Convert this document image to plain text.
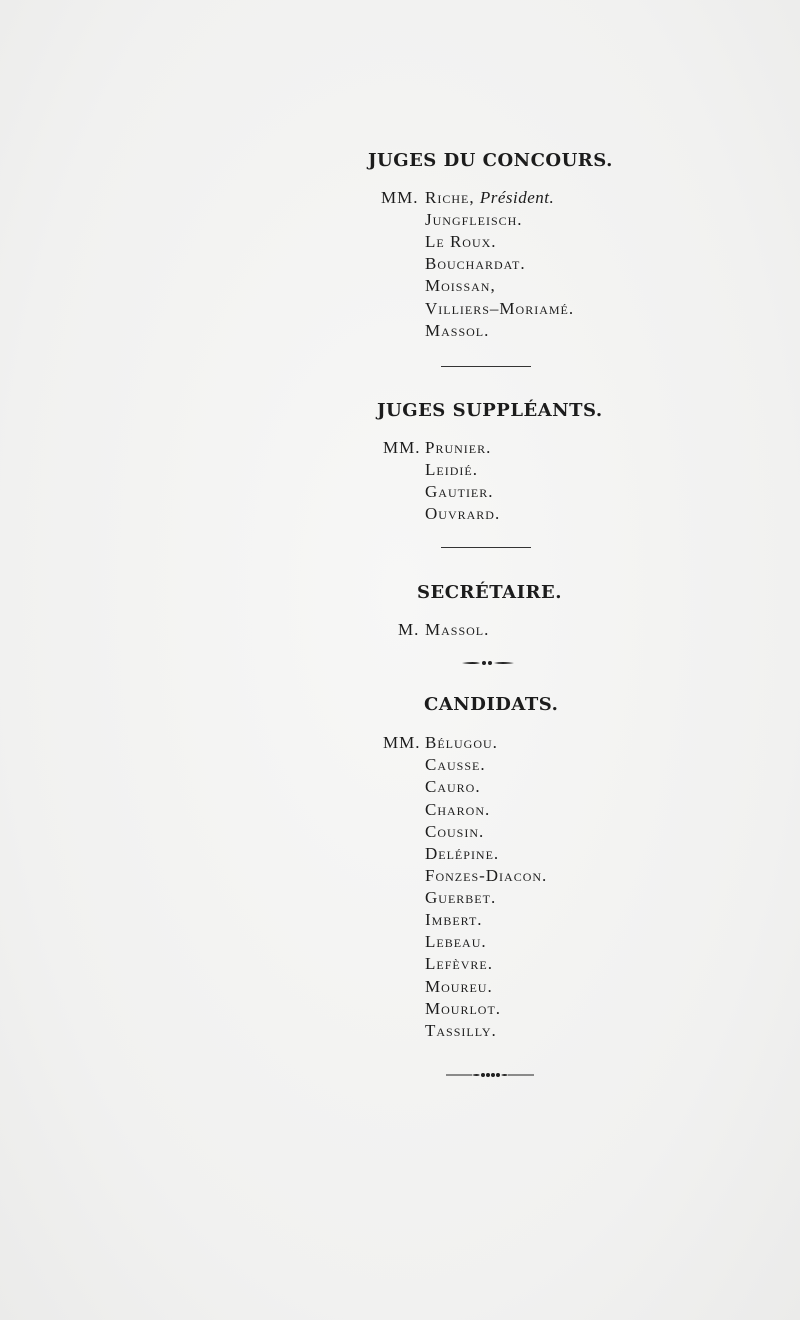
JUGES DU CONCOURS.
MM. Riche, Président.
Jungfleisch.
Le Roux.
Bouchardat.
Moissan,
Villiers–Moriamé.
Massol.
JUGES SUPPLÉANTS.
MM. Prunier.
Leidié.
Gautier.
Ouvrard.
SECRÉTAIRE.
M. Massol.
CANDIDATS.
MM. Bélugou.
Causse.
Cauro.
Charon.
Cousin.
Delépine.
Fonzes-Diacon.
Guerbet.
Imbert.
Lebeau.
Lefèvre.
Moureu.
Mourlot.
Tassilly.
